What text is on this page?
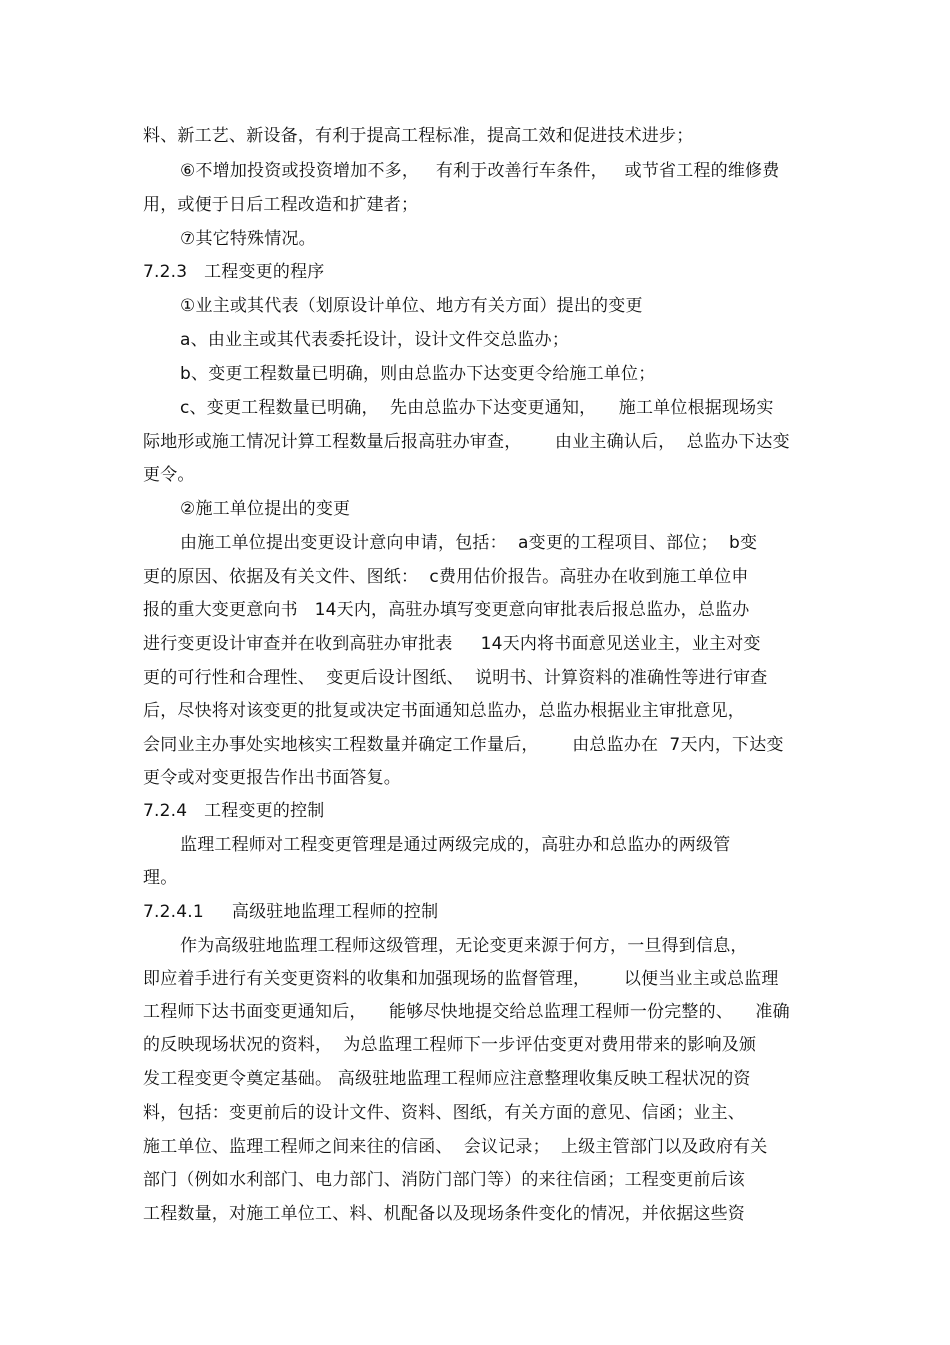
料、新工艺、新设备，有利于提高工程标准，提高工效和促进技术进步；
⑥不增加投资或投资增加不多，   有利于改善行车条件，   或节省工程的维修费
用，或便于日后工程改造和扩建者；
⑦其它特殊情况。
7.2.3   工程变更的程序
①业主或其代表（划原设计单位、地方有关方面）提出的变更
a、由业主或其代表委托设计，设计文件交总监办；
b、变更工程数量已明确，则由总监办下达变更令给施工单位；
c、变更工程数量已明确，  先由总监办下达变更通知，    施工单位根据现场实
际地形或施工情况计算工程数量后报高驻办审查，      由业主确认后，  总监办下达变
更令。
②施工单位提出的变更
由施工单位提出变更设计意向申请，包括：  a变更的工程项目、部位；  b变
更的原因、依据及有关文件、图纸：  c费用估价报告。高驻办在收到施工单位申
报的重大变更意向书   14天内，高驻办填写变更意向审批表后报总监办，总监办
进行变更设计审查并在收到高驻办审批表     14天内将书面意见送业主，业主对变
更的可行性和合理性、  变更后设计图纸、  说明书、计算资料的准确性等进行审查
后，尽快将对该变更的批复或决定书面通知总监办，总监办根据业主审批意见，
会同业主办事处实地核实工程数量并确定工作量后，      由总监办在  7天内，下达变
更令或对变更报告作出书面答复。
7.2.4   工程变更的控制
监理工程师对工程变更管理是通过两级完成的，高驻办和总监办的两级管
理。
7.2.4.1     高级驻地监理工程师的控制
作为高级驻地监理工程师这级管理，无论变更来源于何方，一旦得到信息，
即应着手进行有关变更资料的收集和加强现场的监督管理，      以便当业主或总监理
工程师下达书面变更通知后，    能够尽快地提交给总监理工程师一份完整的、    准确
的反映现场状况的资料，  为总监理工程师下一步评估变更对费用带来的影响及颁
发工程变更令奠定基础。 高级驻地监理工程师应注意整理收集反映工程状况的资
料，包括：变更前后的设计文件、资料、图纸，有关方面的意见、信函；业主、
施工单位、监理工程师之间来往的信函、  会议记录；  上级主管部门以及政府有关
部门（例如水利部门、电力部门、消防门部门等）的来往信函；工程变更前后该
工程数量，对施工单位工、料、机配备以及现场条件变化的情况，并依据这些资
